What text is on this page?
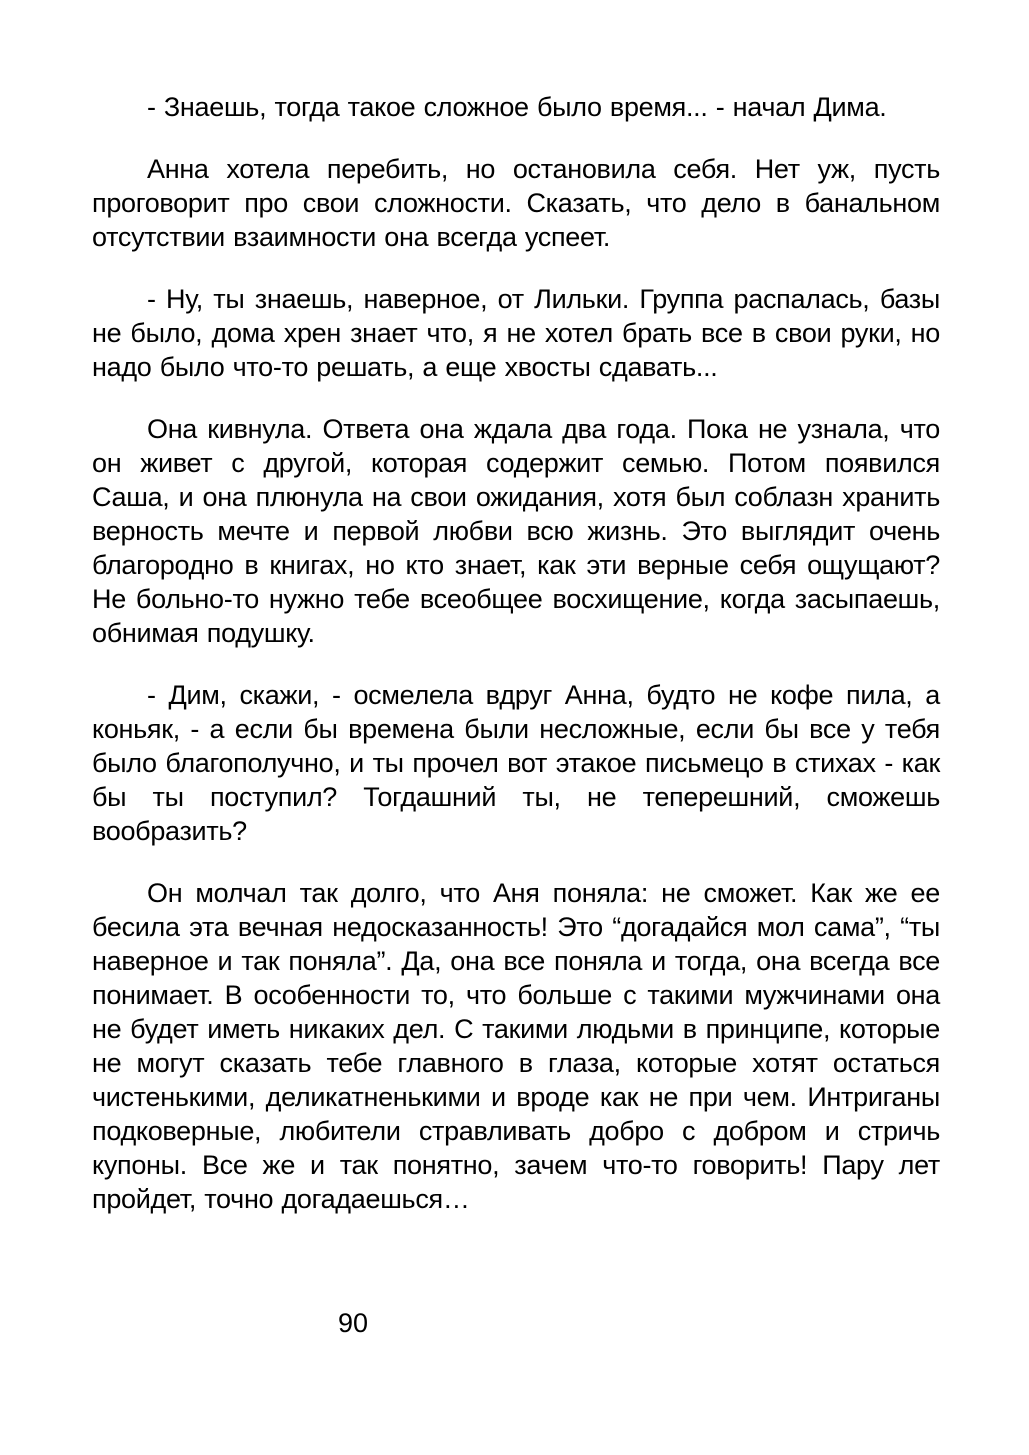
- Знаешь, тогда такое сложное было время... - начал Дима.

Анна хотела перебить, но остановила себя. Нет уж, пусть проговорит про свои сложности. Сказать, что дело в банальном отсутствии взаимности она всегда успеет.

- Ну, ты знаешь, наверное, от Лильки. Группа распалась, базы не было, дома хрен знает что, я не хотел брать все в свои руки, но надо было что-то решать, а еще хвосты сдавать...

Она кивнула. Ответа она ждала два года. Пока не узнала, что он живет с другой, которая содержит семью. Потом появился Саша, и она плюнула на свои ожидания, хотя был соблазн хранить верность мечте и первой любви всю жизнь. Это выглядит очень благородно в книгах, но кто знает, как эти верные себя ощущают? Не больно-то нужно тебе всеобщее восхищение, когда засыпаешь, обнимая подушку.

- Дим, скажи, - осмелела вдруг Анна, будто не кофе пила, а коньяк, - а если бы времена были несложные, если бы все у тебя было благополучно, и ты прочел вот этакое письмецо в стихах - как бы ты поступил? Тогдашний ты, не теперешний, сможешь вообразить?

Он молчал так долго, что Аня поняла: не сможет. Как же ее бесила эта вечная недосказанность! Это “догадайся мол сама”, “ты наверное и так поняла”. Да, она все поняла и тогда, она всегда все понимает. В особенности то, что больше с такими мужчинами она не будет иметь никаких дел. С такими людьми в принципе, которые не могут сказать тебе главного в глаза, которые хотят остаться чистенькими, деликатненькими и вроде как не при чем. Интриганы подковерные, любители стравливать добро с добром и стричь купоны. Все же и так понятно, зачем что-то говорить! Пару лет пройдет, точно догадаешься…

90
